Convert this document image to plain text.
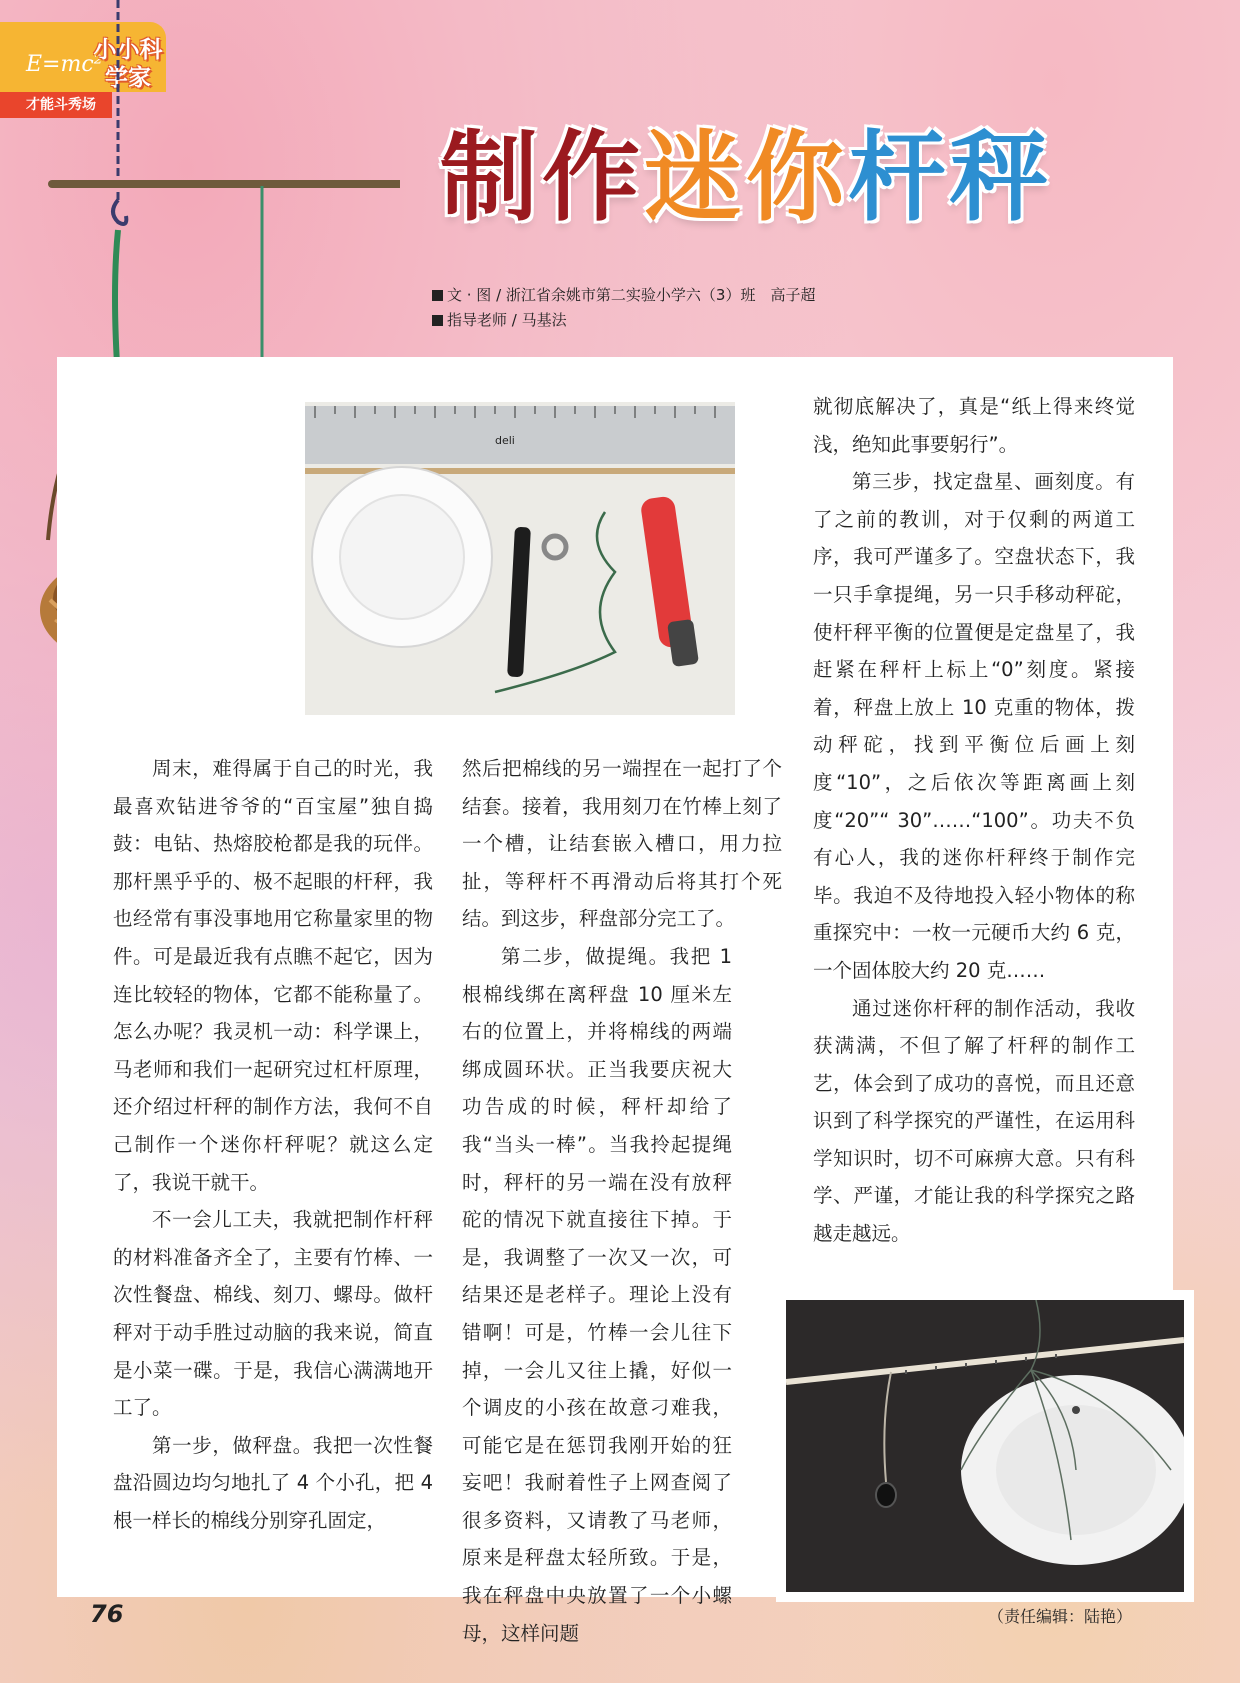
E=mc²
小小科学家
才能斗秀场
制作迷你杆秤
文 · 图 / 浙江省余姚市第二实验小学六（3）班　高子超
指导老师 / 马基法
deli

周末，难得属于自己的时光，我最喜欢钻进爷爷的“百宝屋”独自捣鼓：电钻、热熔胶枪都是我的玩伴。那杆黑乎乎的、极不起眼的杆秤，我也经常有事没事地用它称量家里的物件。可是最近我有点瞧不起它，因为连比较轻的物体，它都不能称量了。怎么办呢？我灵机一动：科学课上，马老师和我们一起研究过杠杆原理，还介绍过杆秤的制作方法，我何不自己制作一个迷你杆秤呢？就这么定了，我说干就干。

不一会儿工夫，我就把制作杆秤的材料准备齐全了，主要有竹棒、一次性餐盘、棉线、刻刀、螺母。做杆秤对于动手胜过动脑的我来说，简直是小菜一碟。于是，我信心满满地开工了。

第一步，做秤盘。我把一次性餐盘沿圆边均匀地扎了 4 个小孔，把 4 根一样长的棉线分别穿孔固定，

然后把棉线的另一端捏在一起打了个结套。接着，我用刻刀在竹棒上刻了一个槽，让结套嵌入槽口，用力拉扯，等秤杆不再滑动后将其打个死结。到这步，秤盘部分完工了。

第二步，做提绳。我把 1 根棉线绑在离秤盘 10 厘米左右的位置上，并将棉线的两端绑成圆环状。正当我要庆祝大功告成的时候，秤杆却给了我“当头一棒”。当我拎起提绳时，秤杆的另一端在没有放秤砣的情况下就直接往下掉。于是，我调整了一次又一次，可结果还是老样子。理论上没有错啊！可是，竹棒一会儿往下掉，一会儿又往上撬，好似一个调皮的小孩在故意刁难我，可能它是在惩罚我刚开始的狂妄吧！我耐着性子上网查阅了很多资料，又请教了马老师，原来是秤盘太轻所致。于是，我在秤盘中央放置了一个小螺母，这样问题

就彻底解决了，真是“纸上得来终觉浅，绝知此事要躬行”。

第三步，找定盘星、画刻度。有了之前的教训，对于仅剩的两道工序，我可严谨多了。空盘状态下，我一只手拿提绳，另一只手移动秤砣，使杆秤平衡的位置便是定盘星了，我赶紧在秤杆上标上“0”刻度。紧接着，秤盘上放上 10 克重的物体，拨动秤砣，找到平衡位后画上刻度“10”，之后依次等距离画上刻度“20”“ 30”……“100”。功夫不负有心人，我的迷你杆秤终于制作完毕。我迫不及待地投入轻小物体的称重探究中：一枚一元硬币大约 6 克，一个固体胶大约 20 克……

通过迷你杆秤的制作活动，我收获满满，不但了解了杆秤的制作工艺，体会到了成功的喜悦，而且还意识到了科学探究的严谨性，在运用科学知识时，切不可麻痹大意。只有科学、严谨，才能让我的科学探究之路越走越远。

76	（责任编辑：陆艳）
